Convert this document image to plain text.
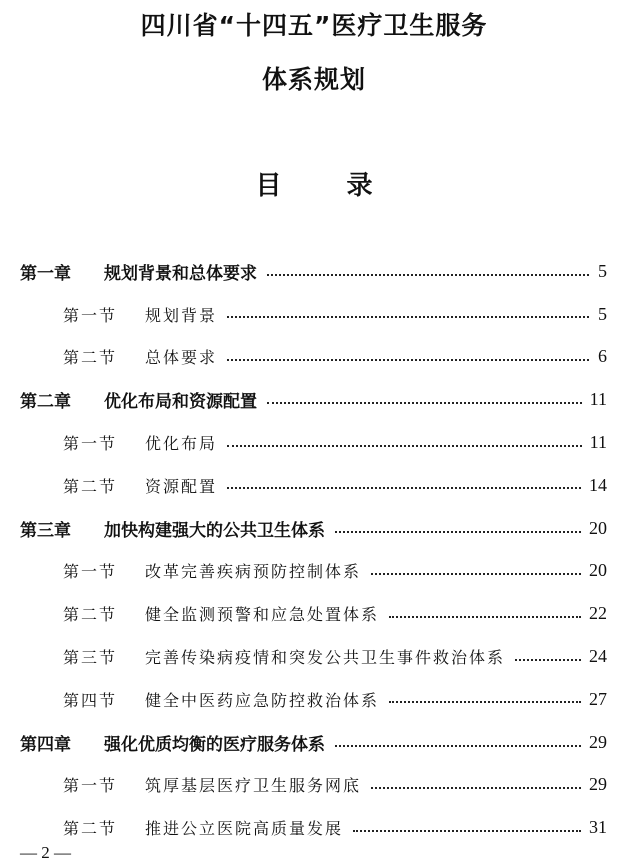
四川省“十四五”医疗卫生服务
体系规划
目 录
第一章	规划背景和总体要求	5
第一节	规划背景	5
第二节	总体要求	6
第二章	优化布局和资源配置	11
第一节	优化布局	11
第二节	资源配置	14
第三章	加快构建强大的公共卫生体系	20
第一节	改革完善疾病预防控制体系	20
第二节	健全监测预警和应急处置体系	22
第三节	完善传染病疫情和突发公共卫生事件救治体系	24
第四节	健全中医药应急防控救治体系	27
第四章	强化优质均衡的医疗服务体系	29
第一节	筑厚基层医疗卫生服务网底	29
第二节	推进公立医院高质量发展	31
— 2 —
